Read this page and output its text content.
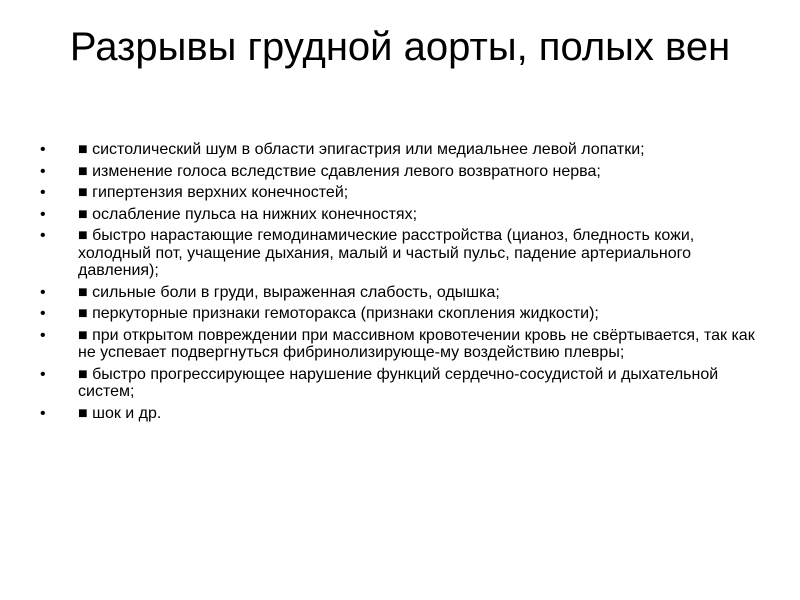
Разрывы грудной аорты, полых вен
•	■ систолический шум в области эпигастрия или медиальнее левой лопатки;
•	■ изменение голоса вследствие сдавления левого возвратного нерва;
•	■ гипертензия верхних конечностей;
•	■ ослабление пульса на нижних конечностях;
•	■ быстро нарастающие гемодинамические расстройства (цианоз, бледность кожи, холодный пот, учащение дыхания, малый и частый пульс, падение артериального давления);
•	■ сильные боли в груди, выраженная слабость, одышка;
•	■ перкуторные признаки гемоторакса (признаки скопления жидкости);
•	■ при открытом повреждении при массивном кровотечении кровь не свёртывается, так как не успевает подвергнуться фибринолизирующе-му воздействию плевры;
•	■ быстро прогрессирующее нарушение функций сердечно-сосудистой и дыхательной систем;
•	■ шок и др.
